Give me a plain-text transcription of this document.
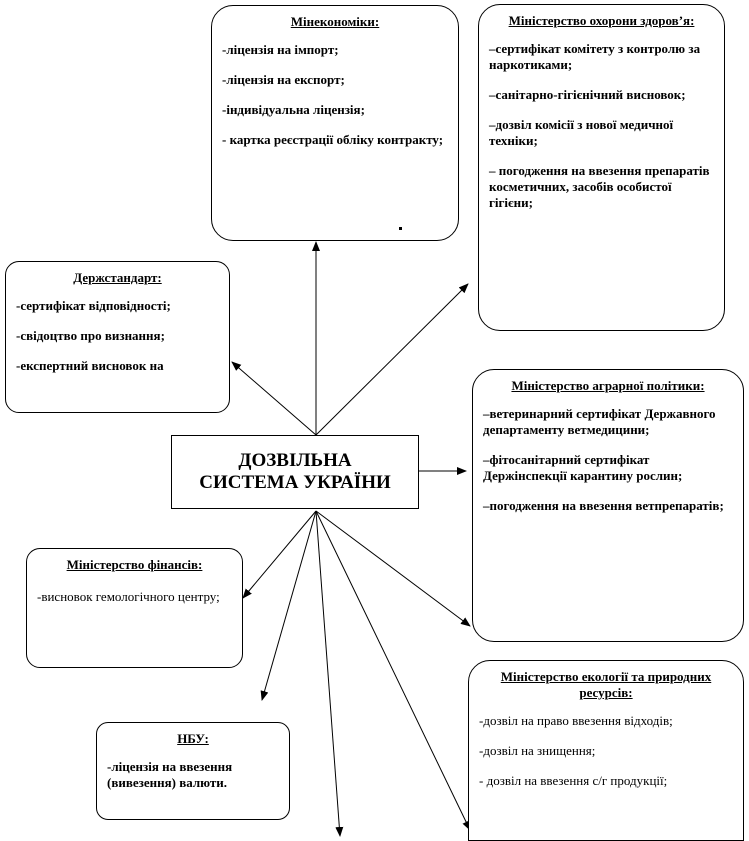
ДОЗВІЛЬНА
СИСТЕМА УКРАЇНИ
Мінекономіки:
-ліцензія на імпорт;
-ліцензія на експорт;
-індивідуальна ліцензія;
- картка реєстрації обліку контракту;
Міністерство охорони здоров’я:
–сертифікат комітету з контролю за наркотиками;
–санітарно-гігієнічний висновок;
–дозвіл комісії з нової медичної техніки;
– погодження на ввезення препаратів косметичних, засобів особистої гігієни;
Держстандарт:
-сертифікат відповідності;
-свідоцтво про визнання;
-експертний висновок на
Міністерство аграрної політики:
–ветеринарний сертифікат Державного департаменту ветмедицини;
–фітосанітарний сертифікат Держінспекції карантину рослин;
–погодження на ввезення ветпрепаратів;
Міністерство фінансів:
-висновок гемологічного центру;
Міністерство екології та природних ресурсів:
-дозвіл на право ввезення відходів;
-дозвіл на знищення;
- дозвіл на ввезення с/г продукції;
НБУ:
-ліцензія на ввезення (вивезення) валюти.
